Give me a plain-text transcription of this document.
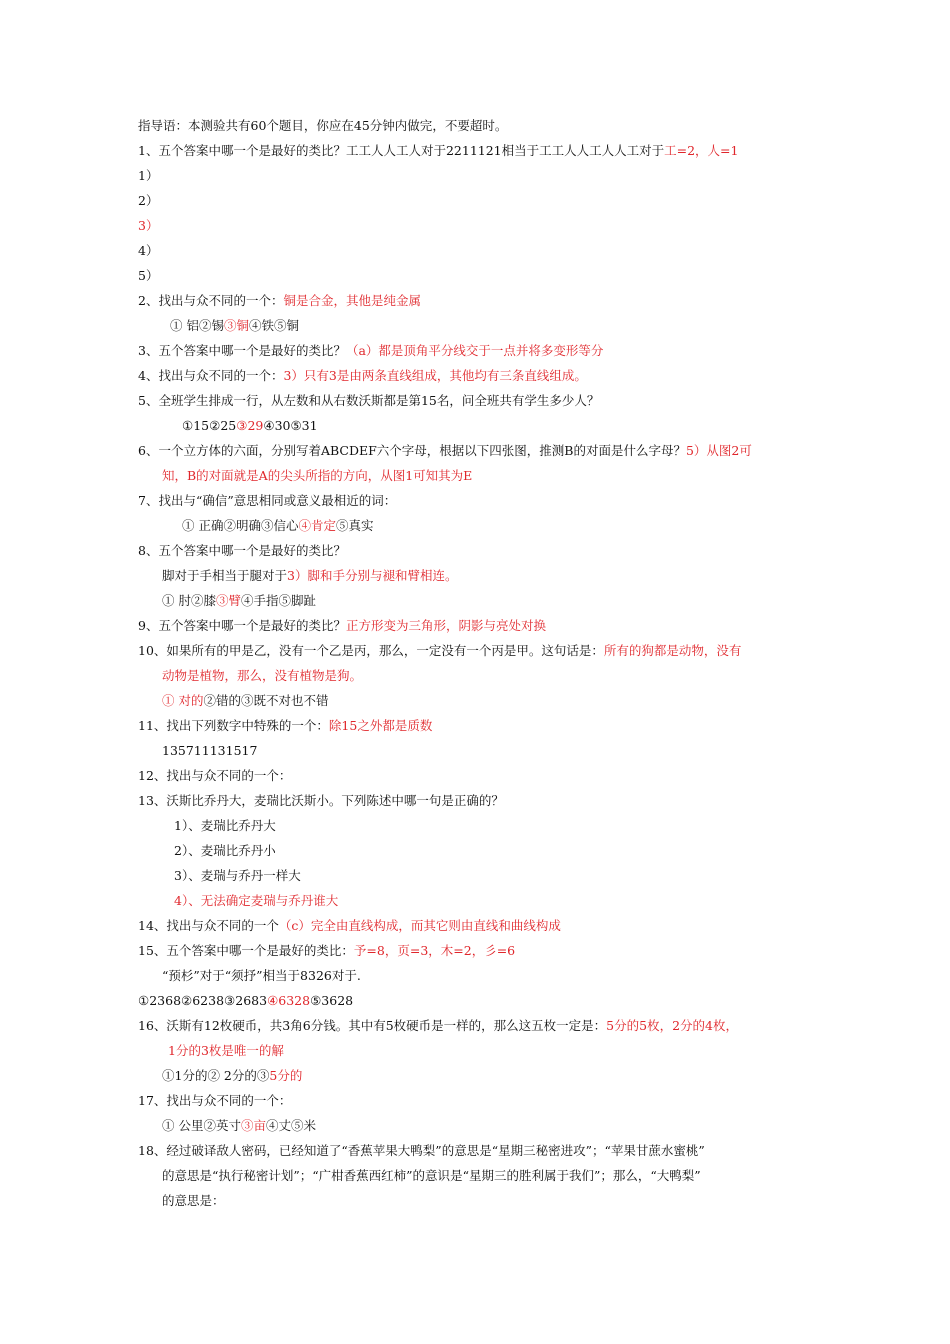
指导语：本测验共有60个题目，你应在45分钟内做完，不要超时。
1、五个答案中哪一个是最好的类比？工工人人工人对于2211121相当于工工人人工人人工对于工=2，人=1
1）
2）
3）
4）
5）
2、找出与众不同的一个：铜是合金，其他是纯金属
① 铝②锡③铜④铁⑤铜
3、五个答案中哪一个是最好的类比？（a）都是顶角平分线交于一点并将多变形等分
4、找出与众不同的一个：3）只有3是由两条直线组成，其他均有三条直线组成。
5、全班学生排成一行，从左数和从右数沃斯都是第15名，问全班共有学生多少人？
①15②25③29④30⑤31
6、一个立方体的六面，分别写着ABCDEF六个字母，根据以下四张图，推测B的对面是什么字母？5）从图2可
知，B的对面就是A的尖头所指的方向，从图1可知其为E
7、找出与“确信”意思相同或意义最相近的词：
① 正确②明确③信心④肯定⑤真实
8、五个答案中哪一个是最好的类比？
脚对于手相当于腿对于3）脚和手分别与褪和臂相连。
① 肘②膝③臂④手指⑤脚趾
9、五个答案中哪一个是最好的类比？正方形变为三角形，阴影与亮处对换
10、如果所有的甲是乙，没有一个乙是丙，那么，一定没有一个丙是甲。这句话是：所有的狗都是动物，没有
动物是植物，那么，没有植物是狗。
① 对的②错的③既不对也不错
11、找出下列数字中特殊的一个：除15之外都是质数
135711131517
12、找出与众不同的一个：
13、沃斯比乔丹大，麦瑞比沃斯小。下列陈述中哪一句是正确的？
1）、麦瑞比乔丹大
2）、麦瑞比乔丹小
3）、麦瑞与乔丹一样大
4）、无法确定麦瑞与乔丹谁大
14、找出与众不同的一个（c）完全由直线构成，而其它则由直线和曲线构成
15、五个答案中哪一个是最好的类比：予=8，页=3，木=2，彡=6
“预杉”对于“须抒”相当于8326对于.
①2368②6238③2683④6328⑤3628
16、沃斯有12枚硬币，共3角6分钱。其中有5枚硬币是一样的，那么这五枚一定是：5分的5枚，2分的4枚，
1分的3枚是唯一的解
①1分的② 2分的③5分的
17、找出与众不同的一个：
① 公里②英寸③亩④丈⑤米
18、经过破译敌人密码，已经知道了“香蕉苹果大鸭梨”的意思是“星期三秘密进攻”；“苹果甘蔗水蜜桃”
的意思是“执行秘密计划”；“广柑香蕉西红柿”的意识是“星期三的胜利属于我们”；那么，“大鸭梨”
的意思是：
